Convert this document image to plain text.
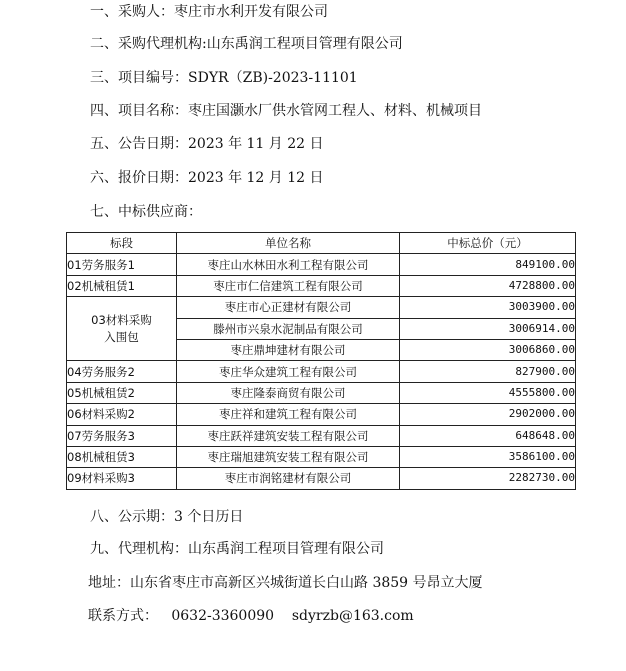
一、采购人：枣庄市水利开发有限公司
二、采购代理机构:山东禹润工程项目管理有限公司
三、项目编号：SDYR（ZB)-2023-11101
四、项目名称：枣庄国灏水厂供水管网工程人、材料、机械项目
五、公告日期：2023 年 11 月 22 日
六、报价日期：2023 年 12 月 12 日
七、中标供应商：
标段	单位名称	中标总价（元）
01劳务服务1	枣庄山水林田水利工程有限公司	849100.00
02机械租赁1	枣庄市仁信建筑工程有限公司	4728800.00

03材料采购入围包	枣庄市心正建材有限公司	3003900.00
	滕州市兴泉水泥制品有限公司	3006914.00
	枣庄鼎坤建材有限公司	3006860.00
04劳务服务2	枣庄华众建筑工程有限公司	827900.00
05机械租赁2	枣庄隆泰商贸有限公司	4555800.00
06材料采购2	枣庄祥和建筑工程有限公司	2902000.00
07劳务服务3	枣庄跃祥建筑安装工程有限公司	648648.00
08机械租赁3	枣庄瑞旭建筑安装工程有限公司	3586100.00
09材料采购3	枣庄市润铭建材有限公司	2282730.00
八、公示期：3 个日历日
九、代理机构：山东禹润工程项目管理有限公司
地址：山东省枣庄市高新区兴城街道长白山路 3859 号昂立大厦
联系方式：   0632-3360090    sdyrzb@163.com
